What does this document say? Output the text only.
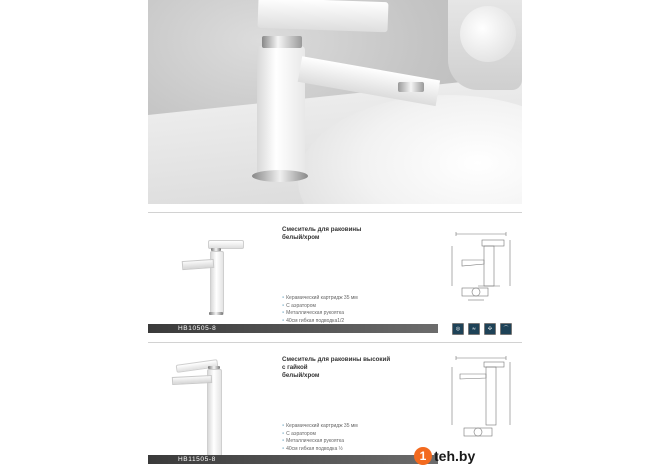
Смеситель для раковины
белый/хром
● Керамический картридж 35 мм
● С аэратором
● Металлическая рукоятка
● 40см гибкая подводка1/2
HB10505-8	◎	≈	✣	⌒
Смеситель для раковины высокий
с гайкой
белый/хром
● Керамический картридж 35 мм
● С аэратором
● Металлическая рукоятка
● 40см гибкая подводка ½
HB11505-8	1 teh.by
